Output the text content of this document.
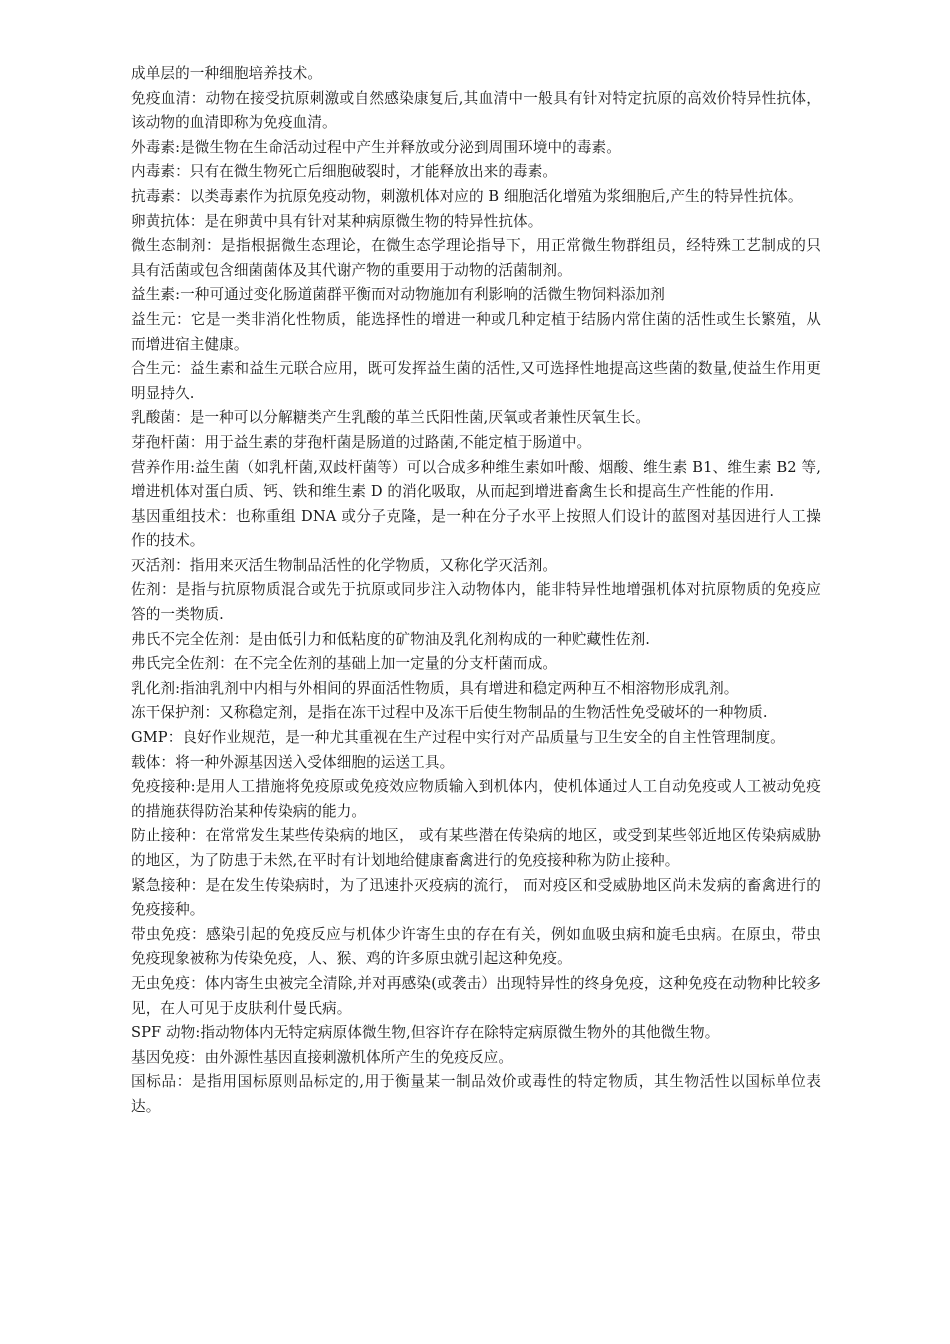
成单层的一种细胞培养技术。

免疫血清：动物在接受抗原刺激或自然感染康复后,其血清中一般具有针对特定抗原的高效价特异性抗体，该动物的血清即称为免疫血清。

外毒素:是微生物在生命活动过程中产生并释放或分泌到周围环境中的毒素。

内毒素：只有在微生物死亡后细胞破裂时，才能释放出来的毒素。

抗毒素：以类毒素作为抗原免疫动物，刺激机体对应的 B 细胞活化增殖为浆细胞后,产生的特异性抗体。

卵黄抗体：是在卵黄中具有针对某种病原微生物的特异性抗体。

微生态制剂：是指根据微生态理论，在微生态学理论指导下，用正常微生物群组员，经特殊工艺制成的只具有活菌或包含细菌菌体及其代谢产物的重要用于动物的活菌制剂。

益生素:一种可通过变化肠道菌群平衡而对动物施加有利影响的活微生物饲料添加剂

益生元：它是一类非消化性物质，能选择性的增进一种或几种定植于结肠内常住菌的活性或生长繁殖，从而增进宿主健康。

合生元：益生素和益生元联合应用，既可发挥益生菌的活性,又可选择性地提高这些菌的数量,使益生作用更明显持久.

乳酸菌：是一种可以分解糖类产生乳酸的革兰氏阳性菌,厌氧或者兼性厌氧生长。

芽孢杆菌：用于益生素的芽孢杆菌是肠道的过路菌,不能定植于肠道中。

营养作用:益生菌（如乳杆菌,双歧杆菌等）可以合成多种维生素如叶酸、烟酸、维生素 B1、维生素 B2 等,增进机体对蛋白质、钙、铁和维生素 D 的消化吸取，从而起到增进畜禽生长和提高生产性能的作用.

基因重组技术：也称重组 DNA 或分子克隆，是一种在分子水平上按照人们设计的蓝图对基因进行人工操作的技术。

灭活剂：指用来灭活生物制品活性的化学物质，又称化学灭活剂。

佐剂：是指与抗原物质混合或先于抗原或同步注入动物体内，能非特异性地增强机体对抗原物质的免疫应答的一类物质.

弗氏不完全佐剂：是由低引力和低粘度的矿物油及乳化剂构成的一种贮藏性佐剂.

弗氏完全佐剂：在不完全佐剂的基础上加一定量的分支杆菌而成。

乳化剂:指油乳剂中内相与外相间的界面活性物质，具有增进和稳定两种互不相溶物形成乳剂。

冻干保护剂：又称稳定剂，是指在冻干过程中及冻干后使生物制品的生物活性免受破坏的一种物质.

GMP：良好作业规范，是一种尤其重视在生产过程中实行对产品质量与卫生安全的自主性管理制度。

载体：将一种外源基因送入受体细胞的运送工具。

免疫接种:是用人工措施将免疫原或免疫效应物质输入到机体内，使机体通过人工自动免疫或人工被动免疫的措施获得防治某种传染病的能力。

防止接种：在常常发生某些传染病的地区， 或有某些潜在传染病的地区，或受到某些邻近地区传染病威胁的地区，为了防患于未然,在平时有计划地给健康畜禽进行的免疫接种称为防止接种。

紧急接种：是在发生传染病时，为了迅速扑灭疫病的流行， 而对疫区和受威胁地区尚未发病的畜禽进行的免疫接种。

带虫免疫：感染引起的免疫反应与机体少许寄生虫的存在有关，例如血吸虫病和旋毛虫病。在原虫，带虫免疫现象被称为传染免疫，人、猴、鸡的许多原虫就引起这种免疫。

无虫免疫：体内寄生虫被完全清除,并对再感染(或袭击）出现特异性的终身免疫，这种免疫在动物种比较多见，在人可见于皮肤利什曼氏病。

SPF 动物:指动物体内无特定病原体微生物,但容许存在除特定病原微生物外的其他微生物。

基因免疫：由外源性基因直接刺激机体所产生的免疫反应。

国标品：是指用国标原则品标定的,用于衡量某一制品效价或毒性的特定物质，其生物活性以国标单位表达。
